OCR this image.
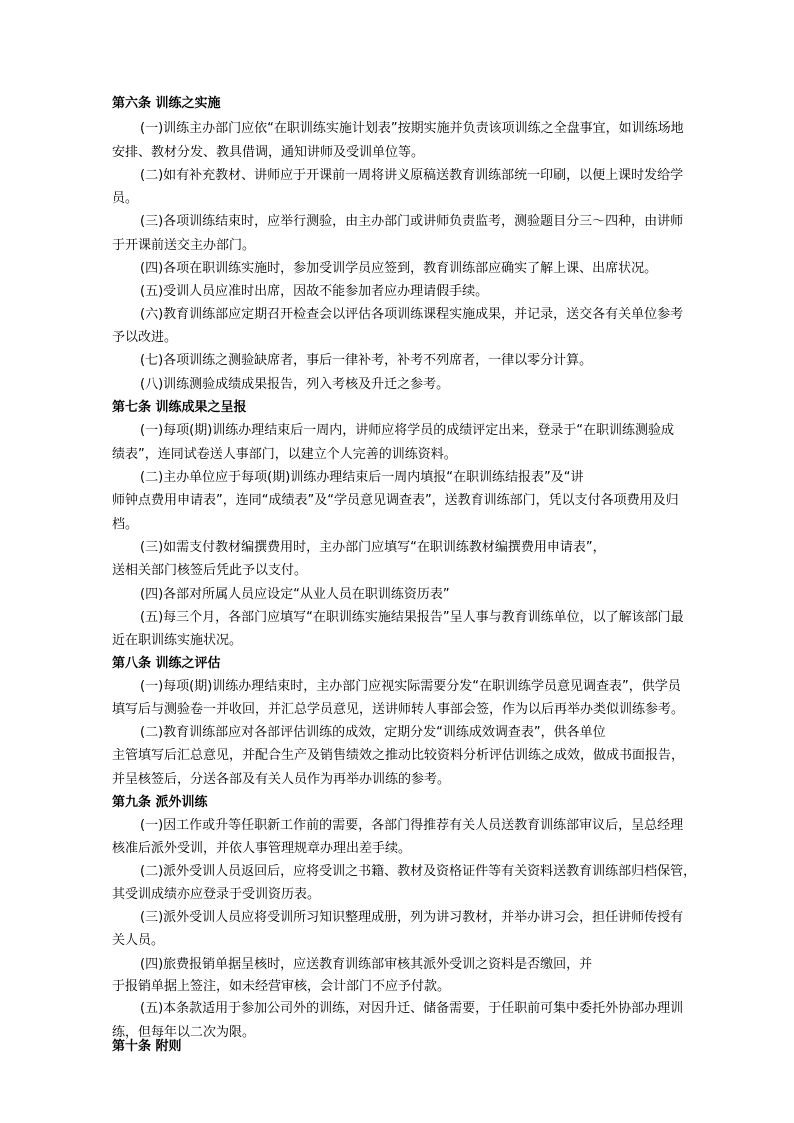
第六条 训练之实施
(一)训练主办部门应依“在职训练实施计划表”按期实施并负责该项训练之全盘事宜，如训练场地
安排、教材分发、教具借调，通知讲师及受训单位等。
(二)如有补充教材、讲师应于开课前一周将讲义原稿送教育训练部统一印刷，以便上课时发给学
员。
(三)各项训练结束时，应举行测验，由主办部门或讲师负责监考，测验题目分三～四种，由讲师
于开课前送交主办部门。
(四)各项在职训练实施时，参加受训学员应签到，教育训练部应确实了解上课、出席状况。
(五)受训人员应准时出席，因故不能参加者应办理请假手续。
(六)教育训练部应定期召开检查会以评估各项训练课程实施成果，并记录，送交各有关单位参考
予以改进。
(七)各项训练之测验缺席者，事后一律补考，补考不列席者，一律以零分计算。
(八)训练测验成绩成果报告，列入考核及升迁之参考。
第七条 训练成果之呈报
(一)每项(期)训练办理结束后一周内，讲师应将学员的成绩评定出来，登录于“在职训练测验成
绩表”，连同试卷送人事部门，以建立个人完善的训练资料。
(二)主办单位应于每项(期)训练办理结束后一周内填报“在职训练结报表”及“讲
师钟点费用申请表”，连同“成绩表”及“学员意见调查表”，送教育训练部门，凭以支付各项费用及归
档。
(三)如需支付教材编撰费用时，主办部门应填写“在职训练教材编撰费用申请表”，
送相关部门核签后凭此予以支付。
(四)各部对所属人员应设定“从业人员在职训练资历表”
(五)每三个月，各部门应填写“在职训练实施结果报告”呈人事与教育训练单位，以了解该部门最
近在职训练实施状况。
第八条 训练之评估
(一)每项(期)训练办理结束时，主办部门应视实际需要分发“在职训练学员意见调查表”，供学员
填写后与测验卷一并收回，并汇总学员意见，送讲师转人事部会签，作为以后再举办类似训练参考。
(二)教育训练部应对各部评估训练的成效，定期分发“训练成效调查表”，供各单位
主管填写后汇总意见，并配合生产及销售绩效之推动比较资料分析评估训练之成效，做成书面报告，
并呈核签后，分送各部及有关人员作为再举办训练的参考。
第九条 派外训练
(一)因工作或升等任职新工作前的需要，各部门得推荐有关人员送教育训练部审议后，呈总经理
核准后派外受训，并依人事管理规章办理出差手续。
(二)派外受训人员返回后，应将受训之书籍、教材及资格证件等有关资料送教育训练部归档保管，
其受训成绩亦应登录于受训资历表。
(三)派外受训人员应将受训所习知识整理成册，列为讲习教材，并举办讲习会，担任讲师传授有
关人员。
(四)旅费报销单据呈核时，应送教育训练部审核其派外受训之资料是否缴回，并
于报销单据上签注，如未经营审核，会计部门不应予付款。
(五)本条款适用于参加公司外的训练，对因升迁、储备需要，于任职前可集中委托外协部办理训
练，但每年以二次为限。
第十条 附则
